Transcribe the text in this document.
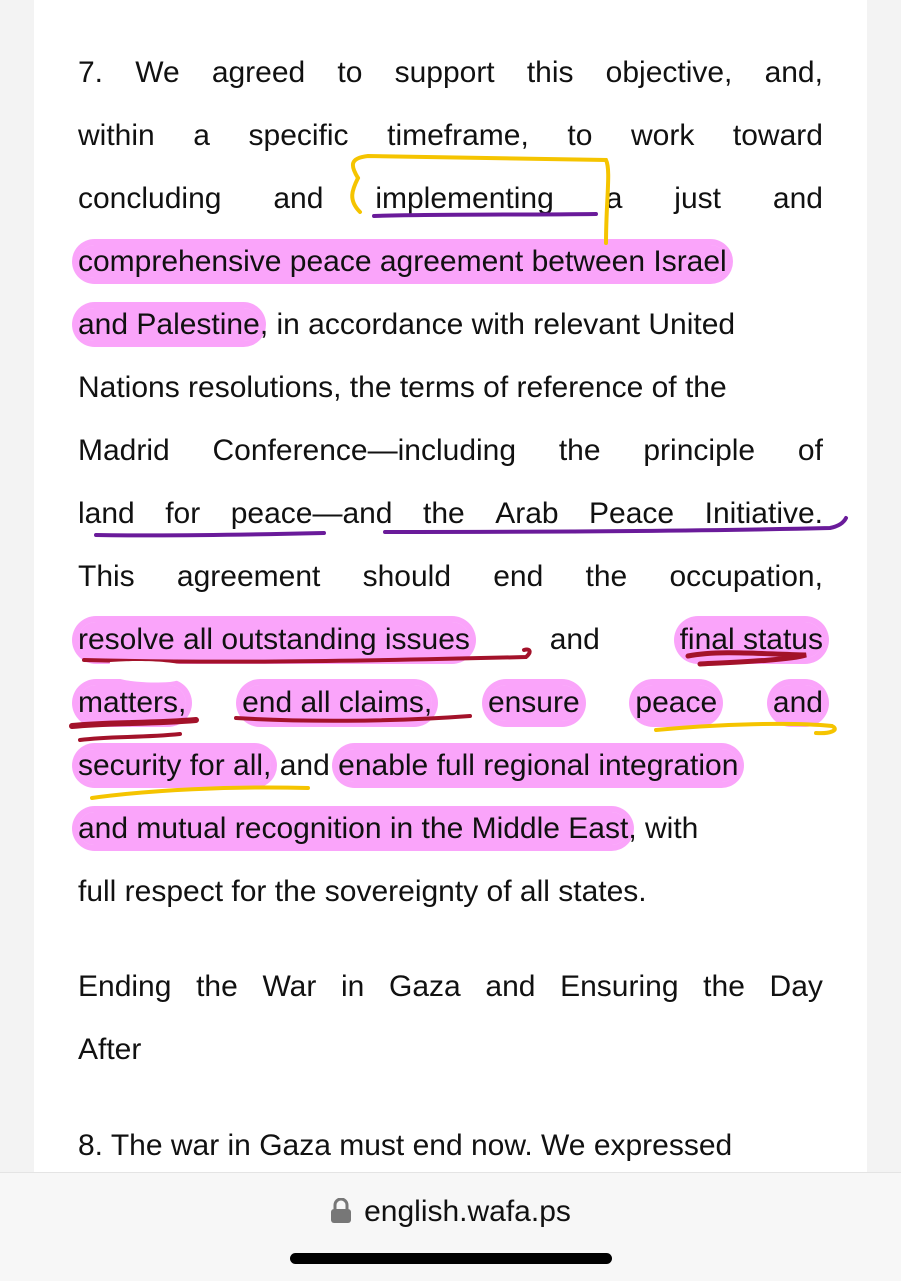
7. We agreed to support this objective, and,
within a specific timeframe, to work toward
concluding and implementing a just and
comprehensive peace agreement between Israel
and Palestine, in accordance with relevant United
Nations resolutions, the terms of reference of the
Madrid Conference—including the principle of
land for peace—and the Arab Peace Initiative.
This agreement should end the occupation,
resolve all outstanding issues	and	final status
matters, end all claims, ensure peace and
security for all, and enable full regional integration
and mutual recognition in the Middle East, with
full respect for the sovereignty of all states.
Ending the War in Gaza and Ensuring the Day
After
8. The war in Gaza must end now. We expressed
english.wafa.ps
